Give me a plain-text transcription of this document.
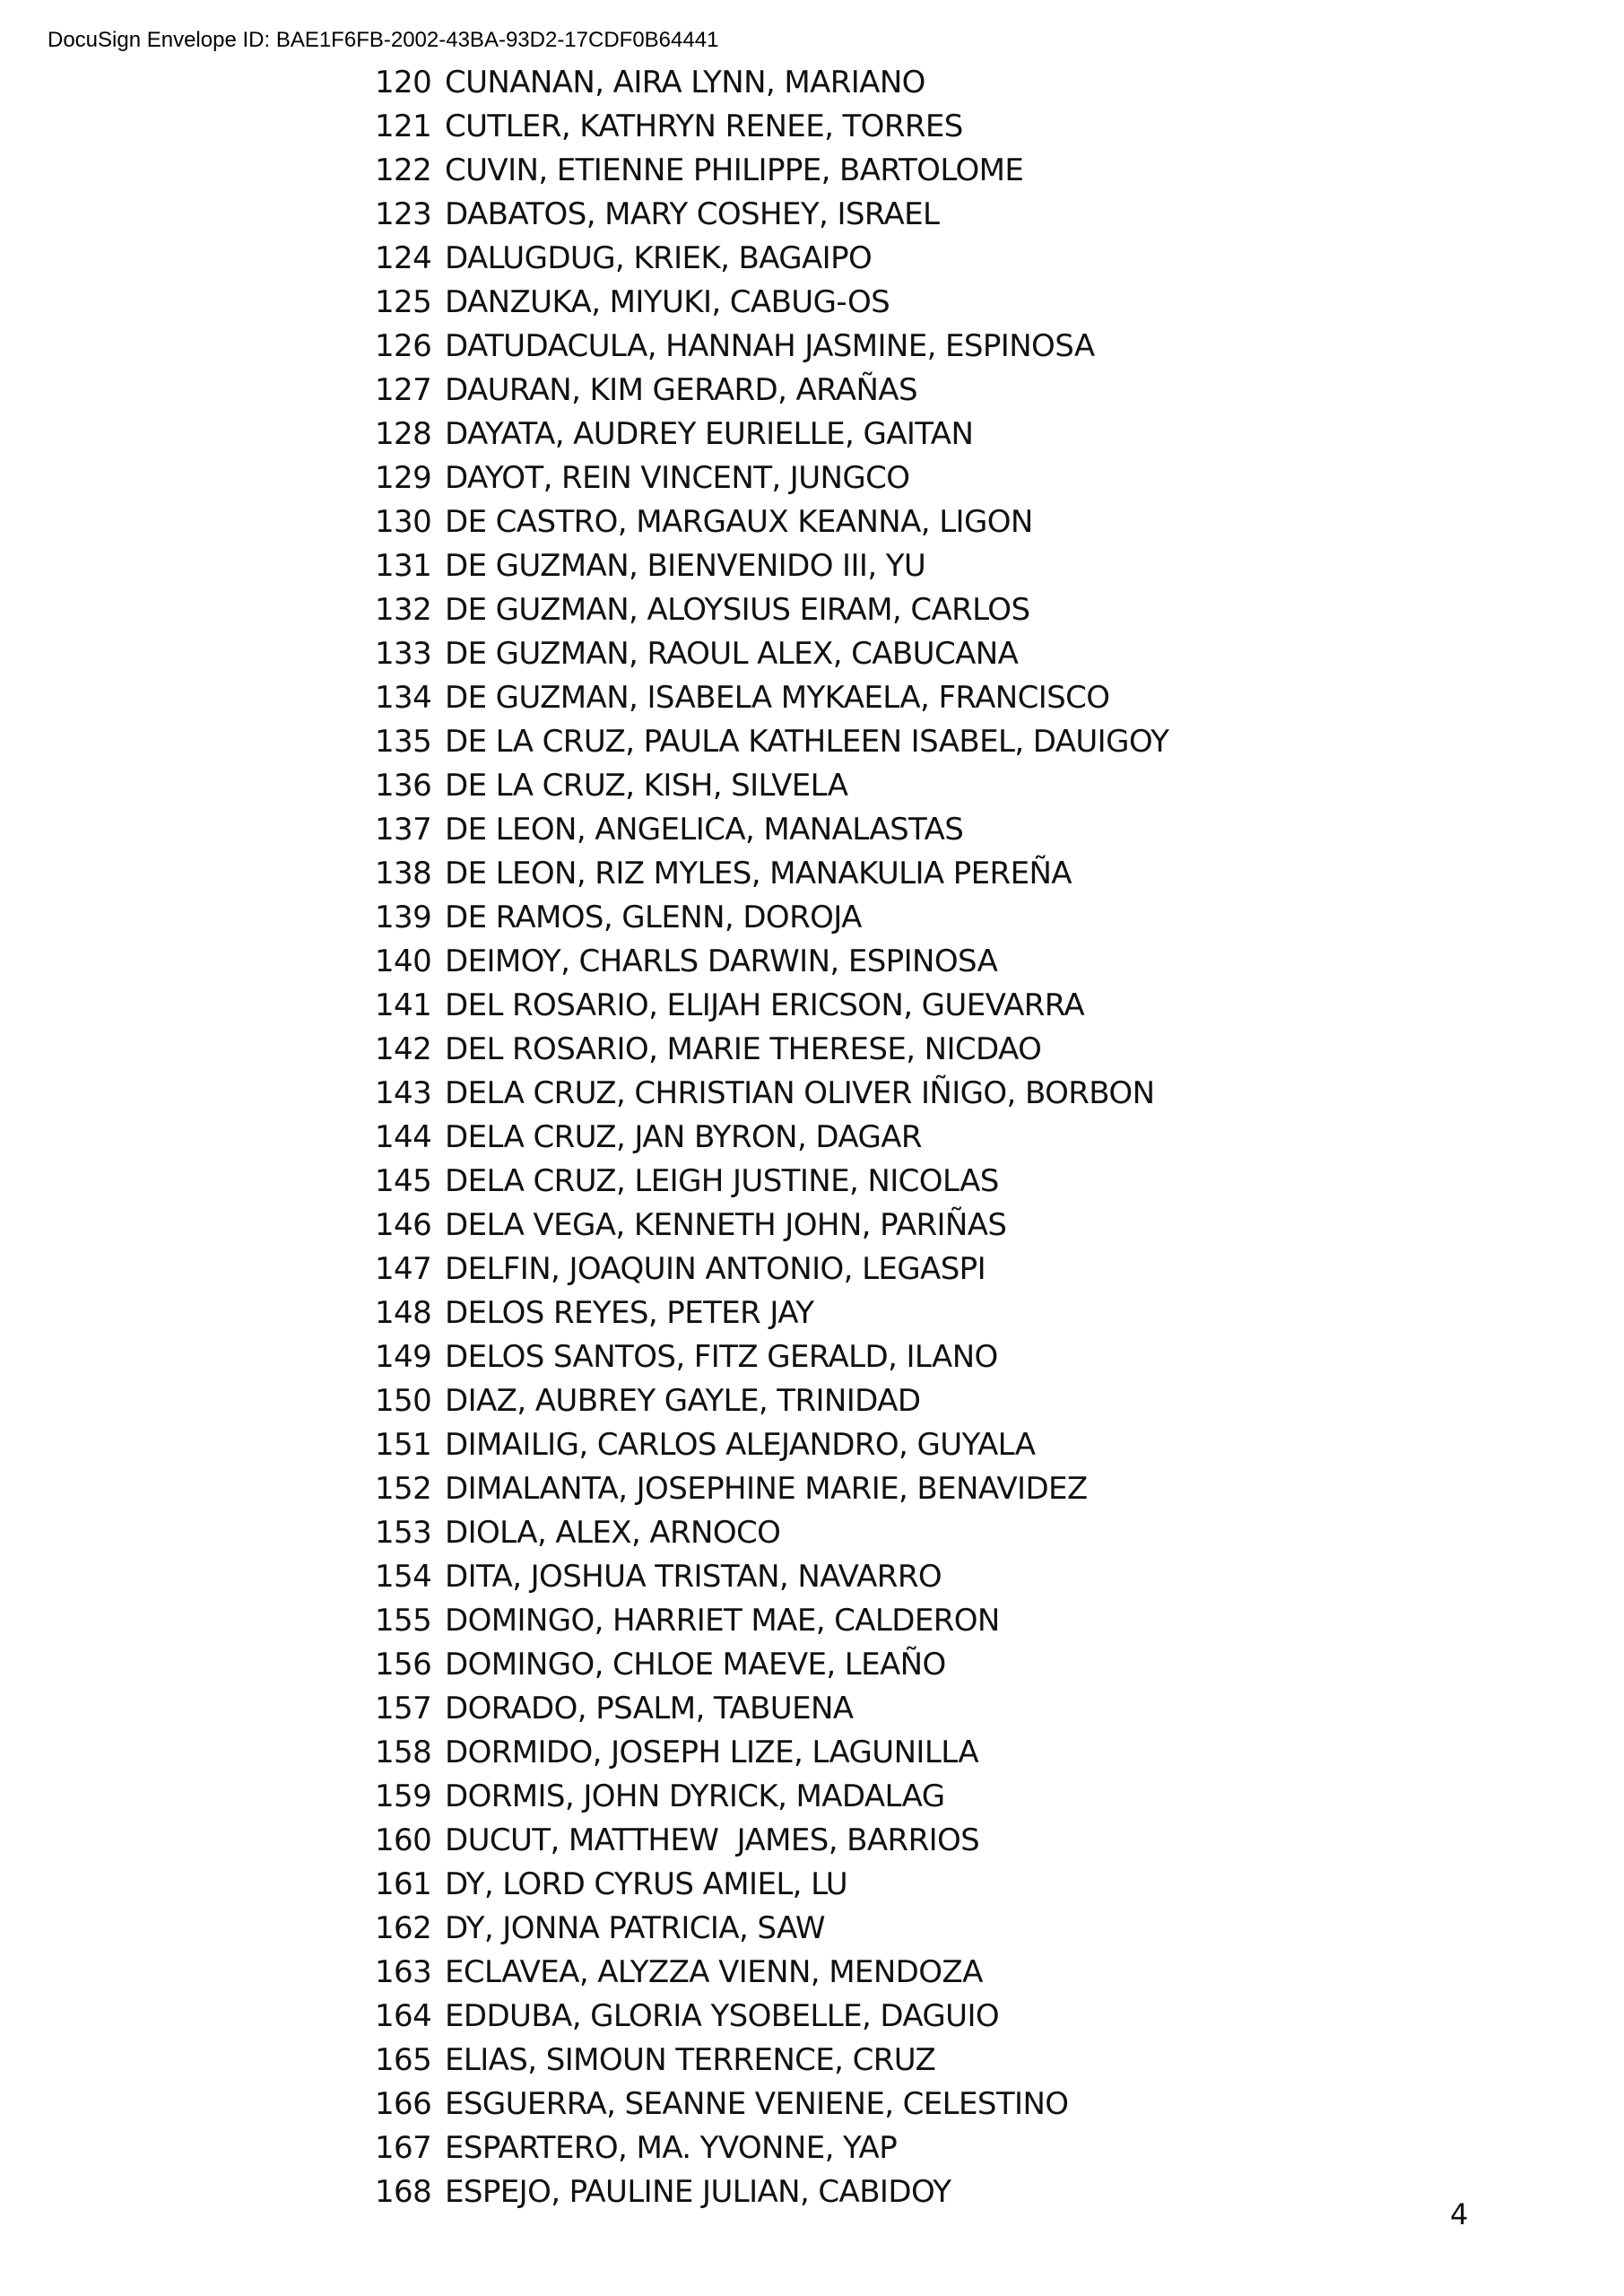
DocuSign Envelope ID: BAE1F6FB-2002-43BA-93D2-17CDF0B64441
120 CUNANAN, AIRA LYNN, MARIANO
121 CUTLER, KATHRYN RENEE, TORRES
122 CUVIN, ETIENNE PHILIPPE, BARTOLOME
123 DABATOS, MARY COSHEY, ISRAEL
124 DALUGDUG, KRIEK, BAGAIPO
125 DANZUKA, MIYUKI, CABUG-OS
126 DATUDACULA, HANNAH JASMINE, ESPINOSA
127 DAURAN, KIM GERARD, ARAÑAS
128 DAYATA, AUDREY EURIELLE, GAITAN
129 DAYOT, REIN VINCENT, JUNGCO
130 DE CASTRO, MARGAUX KEANNA, LIGON
131 DE GUZMAN, BIENVENIDO III, YU
132 DE GUZMAN, ALOYSIUS EIRAM, CARLOS
133 DE GUZMAN, RAOUL ALEX, CABUCANA
134 DE GUZMAN, ISABELA MYKAELA, FRANCISCO
135 DE LA CRUZ, PAULA KATHLEEN ISABEL, DAUIGOY
136 DE LA CRUZ, KISH, SILVELA
137 DE LEON, ANGELICA, MANALASTAS
138 DE LEON, RIZ MYLES, MANAKULIA PEREÑA
139 DE RAMOS, GLENN, DOROJA
140 DEIMOY, CHARLS DARWIN, ESPINOSA
141 DEL ROSARIO, ELIJAH ERICSON, GUEVARRA
142 DEL ROSARIO, MARIE THERESE, NICDAO
143 DELA CRUZ, CHRISTIAN OLIVER IÑIGO, BORBON
144 DELA CRUZ, JAN BYRON, DAGAR
145 DELA CRUZ, LEIGH JUSTINE, NICOLAS
146 DELA VEGA, KENNETH JOHN, PARIÑAS
147 DELFIN, JOAQUIN ANTONIO, LEGASPI
148 DELOS REYES, PETER JAY
149 DELOS SANTOS, FITZ GERALD, ILANO
150 DIAZ, AUBREY GAYLE, TRINIDAD
151 DIMAILIG, CARLOS ALEJANDRO, GUYALA
152 DIMALANTA, JOSEPHINE MARIE, BENAVIDEZ
153 DIOLA, ALEX, ARNOCO
154 DITA, JOSHUA TRISTAN, NAVARRO
155 DOMINGO, HARRIET MAE, CALDERON
156 DOMINGO, CHLOE MAEVE, LEAÑO
157 DORADO, PSALM, TABUENA
158 DORMIDO, JOSEPH LIZE, LAGUNILLA
159 DORMIS, JOHN DYRICK, MADALAG
160 DUCUT, MATTHEW  JAMES, BARRIOS
161 DY, LORD CYRUS AMIEL, LU
162 DY, JONNA PATRICIA, SAW
163 ECLAVEA, ALYZZA VIENN, MENDOZA
164 EDDUBA, GLORIA YSOBELLE, DAGUIO
165 ELIAS, SIMOUN TERRENCE, CRUZ
166 ESGUERRA, SEANNE VENIENE, CELESTINO
167 ESPARTERO, MA. YVONNE, YAP
168 ESPEJO, PAULINE JULIAN, CABIDOY
4
